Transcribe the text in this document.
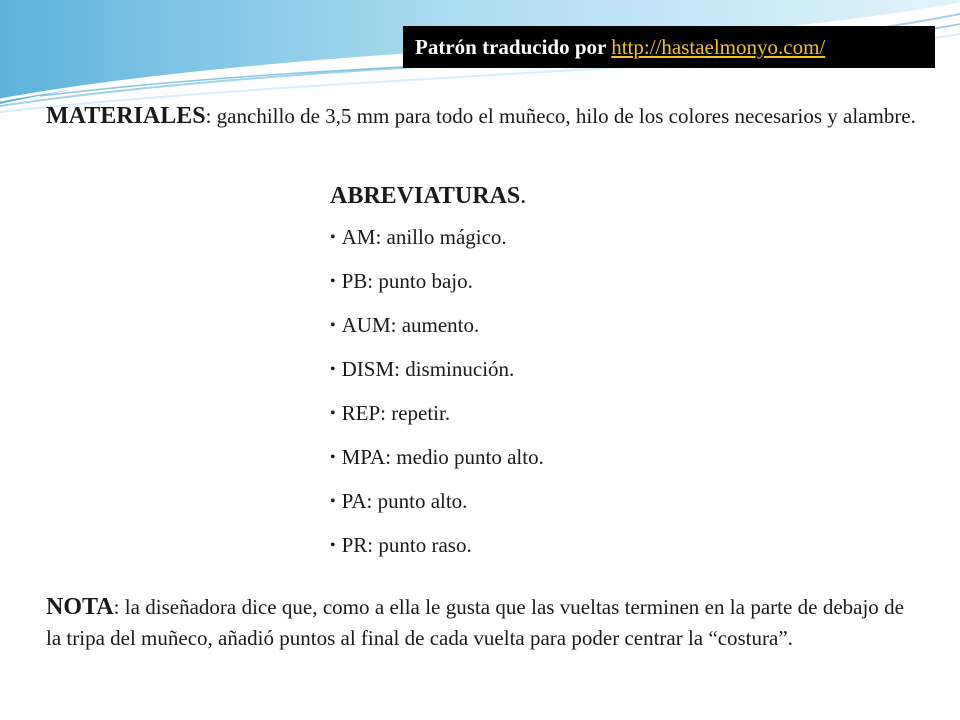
Patrón traducido por http://hastaelmonyo.com/

MATERIALES: ganchillo de 3,5 mm para todo el muñeco, hilo de los colores necesarios y alambre.

ABREVIATURAS.
• AM: anillo mágico.
• PB: punto bajo.
• AUM: aumento.
• DISM: disminución.
• REP: repetir.
• MPA: medio punto alto.
• PA: punto alto.
• PR: punto raso.

NOTA: la diseñadora dice que, como a ella le gusta que las vueltas terminen en la parte de debajo de la tripa del muñeco, añadió puntos al final de cada vuelta para poder centrar la “costura”.
